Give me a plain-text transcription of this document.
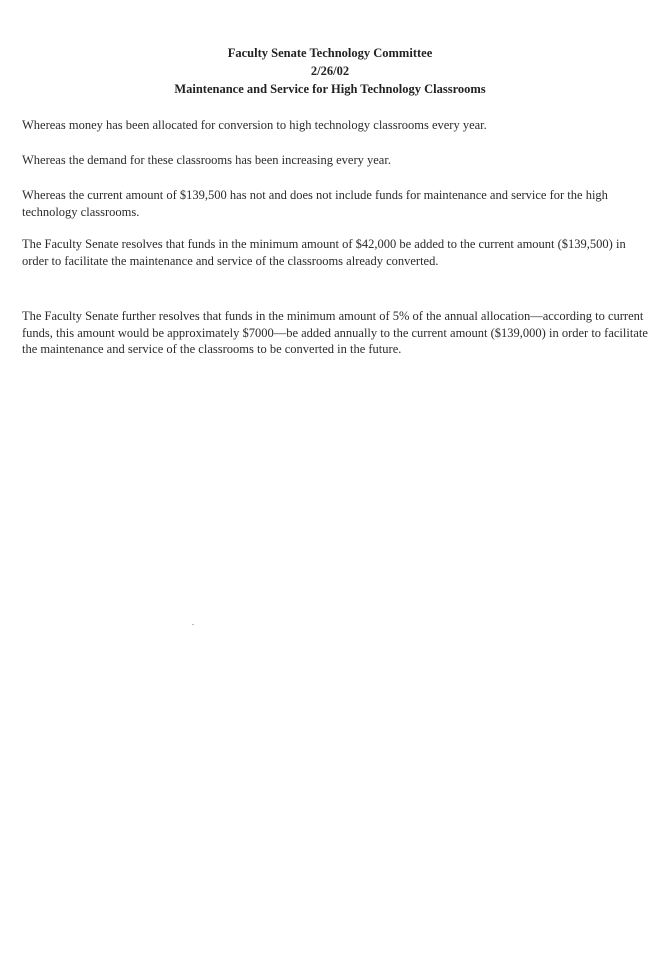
Faculty Senate Technology Committee
2/26/02
Maintenance and Service for High Technology Classrooms
Whereas money has been allocated for conversion to high technology classrooms every year.
Whereas the demand for these classrooms has been increasing every year.
Whereas the current amount of $139,500 has not and does not include funds for maintenance and service for the high technology classrooms.
The Faculty Senate resolves that funds in the minimum amount of $42,000 be added to the current amount ($139,500) in order to facilitate the maintenance and service of the classrooms already converted.
The Faculty Senate further resolves that funds in the minimum amount of 5% of the annual allocation—according to current funds, this amount would be approximately $7000—be added annually to the current amount ($139,000) in order to facilitate the maintenance and service of the classrooms to be converted in the future.
